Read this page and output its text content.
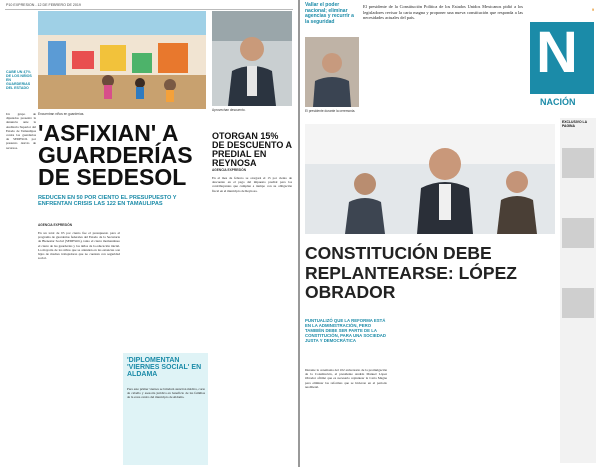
P10 EXPRESION - 12 DE FEBRERO DE 2019
CABE UN 47% DE LOS NIÑOS EN GUARDERIAS DEL ESTADO
Encuentran niños en guarderías.
Un grupo de diputados presentó la denuncia ante la Auditoría Superior del Estado de Tamaulipas contra las guarderías de SEDESOL por presunto desvío de recursos.
'ASFIXIAN' A GUARDERÍAS DE SEDESOL
REDUCEN EN 50 POR CIENTO EL PRESUPUESTO Y ENFRENTAN CRISIS LAS 122 EN TAMAULIPAS
AGENCIA EXPRESIÓN
En un total de 65 por ciento fue el presupuesto para el programa de guarderías federales del Estado de la Secretaría de Bienestar Social (SEDESOL), tanto el cierre momentáneo el cierre de las guarderías y los niños de la educación inicial. La mayoría de los niños que se atienden en las estancias son hijos de madres trabajadoras que no cuentan con seguridad social.
'DIPLOMENTAN 'VIERNES SOCIAL' EN ALDAMA
Para este primer viernes se brindará atención médica, corte de cabello y asesoría jurídica en beneficio de las familias de la zona centro del municipio de Aldama.
Aprovechan descuento.
OTORGAN 15% DE DESCUENTO A PREDIAL EN REYNOSA
AGENCIA EXPRESIÓN
En el mes de febrero se otorgará el 15 por ciento de descuento en el pago del impuesto predial para los contribuyentes que cumplan a tiempo con su obligación fiscal en el municipio de Reynosa.
Vallar el poder nacional; eliminar agencias y recurrir a la seguridad
El presidente durante la ceremonia.
El presidente de la Constitución Política de los Estados Unidos Mexicanos pidió a los legisladores revisar la carta magna y proponer una nueva constitución que responda a las necesidades actuales del país.
9
N
NACIÓN
EXCLUSIVO LA PAGINA
CONSTITUCIÓN DEBE REPLANTEARSE: LÓPEZ OBRADOR
PUNTUALIZÓ QUE LA REFORMA ESTÁ EN LA ADMINISTRACIÓN, PERO TAMBIÉN DEBE SER PARTE DE LA CONSTITUCIÓN, PARA UNA SOCIEDAD JUSTA Y DEMOCRÁTICA
Durante la ceremonia del 102 aniversario de la promulgación de la Constitución, el presidente Andrés Manuel López Obrador afirmó que es necesario replantear la Carta Magna para eliminar las reformas que se hicieron en el periodo neoliberal.
